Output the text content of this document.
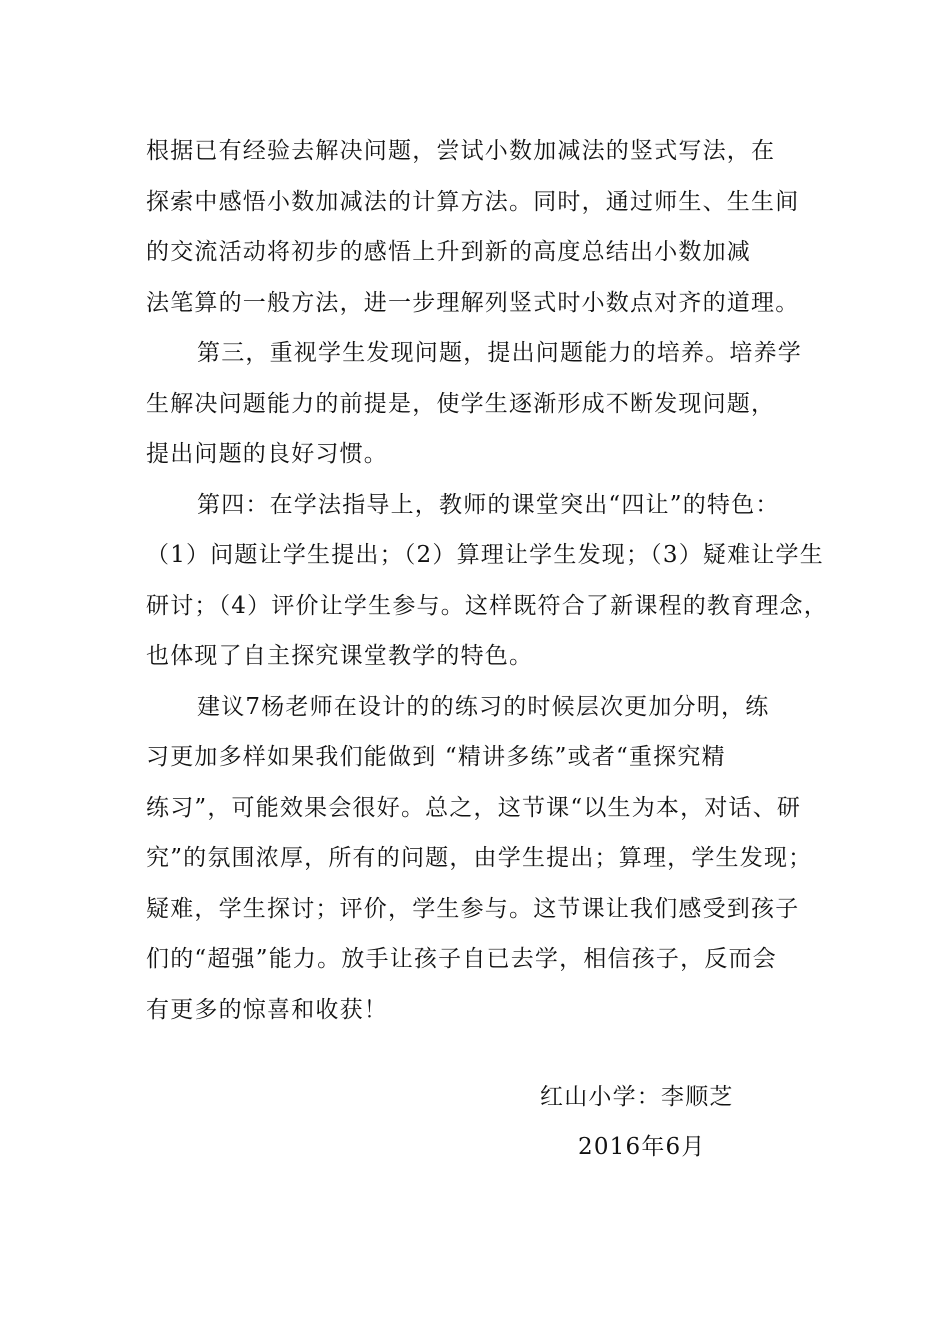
根据已有经验去解决问题，尝试小数加减法的竖式写法，在
探索中感悟小数加减法的计算方法。同时，通过师生、生生间
的交流活动将初步的感悟上升到新的高度总结出小数加减
法笔算的一般方法，进一步理解列竖式时小数点对齐的道理。
第三，重视学生发现问题，提出问题能力的培养。培养学
生解决问题能力的前提是，使学生逐渐形成不断发现问题，
提出问题的良好习惯。
第四：在学法指导上，教师的课堂突出“四让”的特色：
（1）问题让学生提出；（2）算理让学生发现；（3）疑难让学生
研讨；（4）评价让学生参与。这样既符合了新课程的教育理念，
也体现了自主探究课堂教学的特色。
建议7杨老师在设计的的练习的时候层次更加分明，练
习更加多样如果我们能做到 “精讲多练”或者“重探究精
练习”，可能效果会很好。总之，这节课“以生为本，对话、研
究”的氛围浓厚，所有的问题，由学生提出；算理，学生发现；
疑难，学生探讨；评价，学生参与。这节课让我们感受到孩子
们的“超强”能力。放手让孩子自已去学，相信孩子，反而会
有更多的惊喜和收获！
红山小学：李顺芝
2016年6月
